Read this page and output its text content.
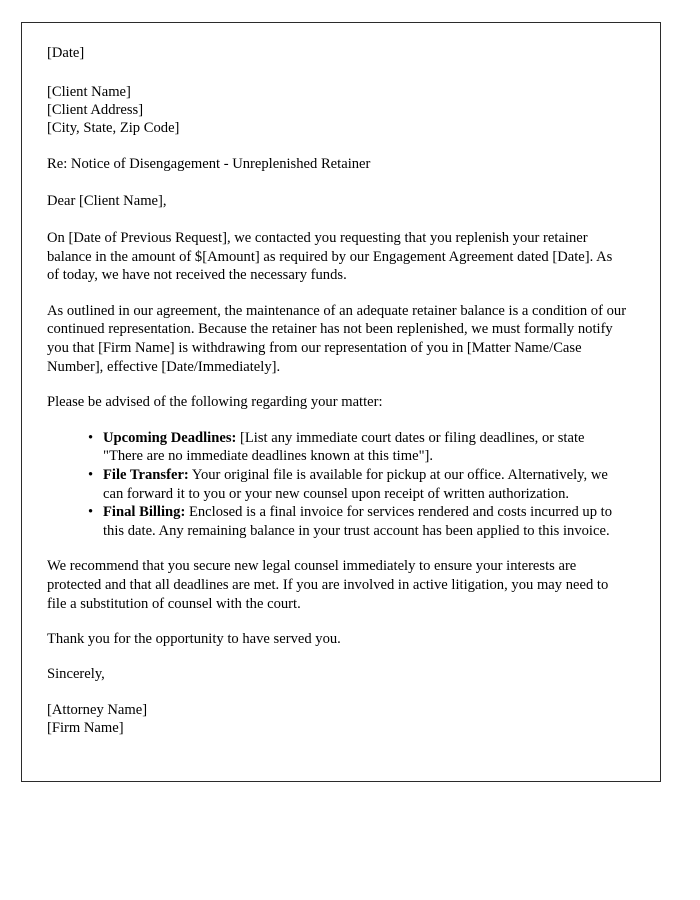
[Date]
[Client Name]
[Client Address]
[City, State, Zip Code]
Re: Notice of Disengagement - Unreplenished Retainer
Dear [Client Name],

On [Date of Previous Request], we contacted you requesting that you replenish your retainer balance in the amount of $[Amount] as required by our Engagement Agreement dated [Date]. As of today, we have not received the necessary funds.

As outlined in our agreement, the maintenance of an adequate retainer balance is a condition of our continued representation. Because the retainer has not been replenished, we must formally notify you that [Firm Name] is withdrawing from our representation of you in [Matter Name/Case Number], effective [Date/Immediately].

Please be advised of the following regarding your matter:

• Upcoming Deadlines: [List any immediate court dates or filing deadlines, or state "There are no immediate deadlines known at this time"].
• File Transfer: Your original file is available for pickup at our office. Alternatively, we can forward it to you or your new counsel upon receipt of written authorization.
• Final Billing: Enclosed is a final invoice for services rendered and costs incurred up to this date. Any remaining balance in your trust account has been applied to this invoice.

We recommend that you secure new legal counsel immediately to ensure your interests are protected and that all deadlines are met. If you are involved in active litigation, you may need to file a substitution of counsel with the court.

Thank you for the opportunity to have served you.

Sincerely,
[Attorney Name]
[Firm Name]
